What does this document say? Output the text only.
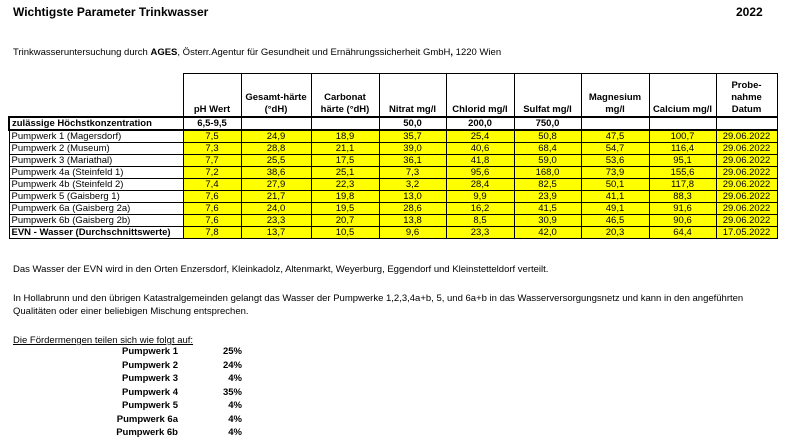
Wichtigste Parameter Trinkwasser	2022
Trinkwasseruntersuchung durch AGES, Österr.Agentur für Gesundheit und Ernährungssicherheit GmbH, 1220 Wien
	pH Wert	Gesamt-härte (°dH)	Carbonat härte (°dH)	Nitrat mg/l	Chlorid mg/l	Sulfat mg/l	Magnesium mg/l	Calcium mg/l	Probe-nahme Datum
zulässige Höchstkonzentration	6,5-9,5			50,0	200,0	750,0			
Pumpwerk 1 (Magersdorf)	7,5	24,9	18,9	35,7	25,4	50,8	47,5	100,7	29.06.2022
Pumpwerk 2 (Museum)	7,3	28,8	21,1	39,0	40,6	68,4	54,7	116,4	29.06.2022
Pumpwerk 3 (Mariathal)	7,7	25,5	17,5	36,1	41,8	59,0	53,6	95,1	29.06.2022
Pumpwerk 4a (Steinfeld 1)	7,2	38,6	25,1	7,3	95,6	168,0	73,9	155,6	29.06.2022
Pumpwerk 4b (Steinfeld 2)	7,4	27,9	22,3	3,2	28,4	82,5	50,1	117,8	29.06.2022
Pumpwerk 5 (Gaisberg 1)	7,6	21,7	19,8	13,0	9,9	23,9	41,1	88,3	29.06.2022
Pumpwerk 6a (Gaisberg 2a)	7,6	24,0	19,5	28,6	16,2	41,5	49,1	91,6	29.06.2022
Pumpwerk 6b (Gaisberg 2b)	7,6	23,3	20,7	13,8	8,5	30,9	46,5	90,6	29.06.2022
EVN - Wasser (Durchschnittswerte)	7,8	13,7	10,5	9,6	23,3	42,0	20,3	64,4	17.05.2022
Das Wasser der EVN wird in den Orten Enzersdorf, Kleinkadolz, Altenmarkt, Weyerburg, Eggendorf und Kleinstetteldorf verteilt.
In Hollabrunn und den übrigen Katastralgemeinden gelangt das Wasser der Pumpwerke 1,2,3,4a+b, 5, und 6a+b in das Wasserversorgungsnetz und kann in den angeführten Qualitäten oder einer beliebigen Mischung entsprechen.
Die Fördermengen teilen sich wie folgt auf:
Pumpwerk 1	25%
Pumpwerk 2	24%
Pumpwerk 3	4%
Pumpwerk 4	35%
Pumpwerk 5	4%
Pumpwerk 6a	4%
Pumpwerk 6b	4%
